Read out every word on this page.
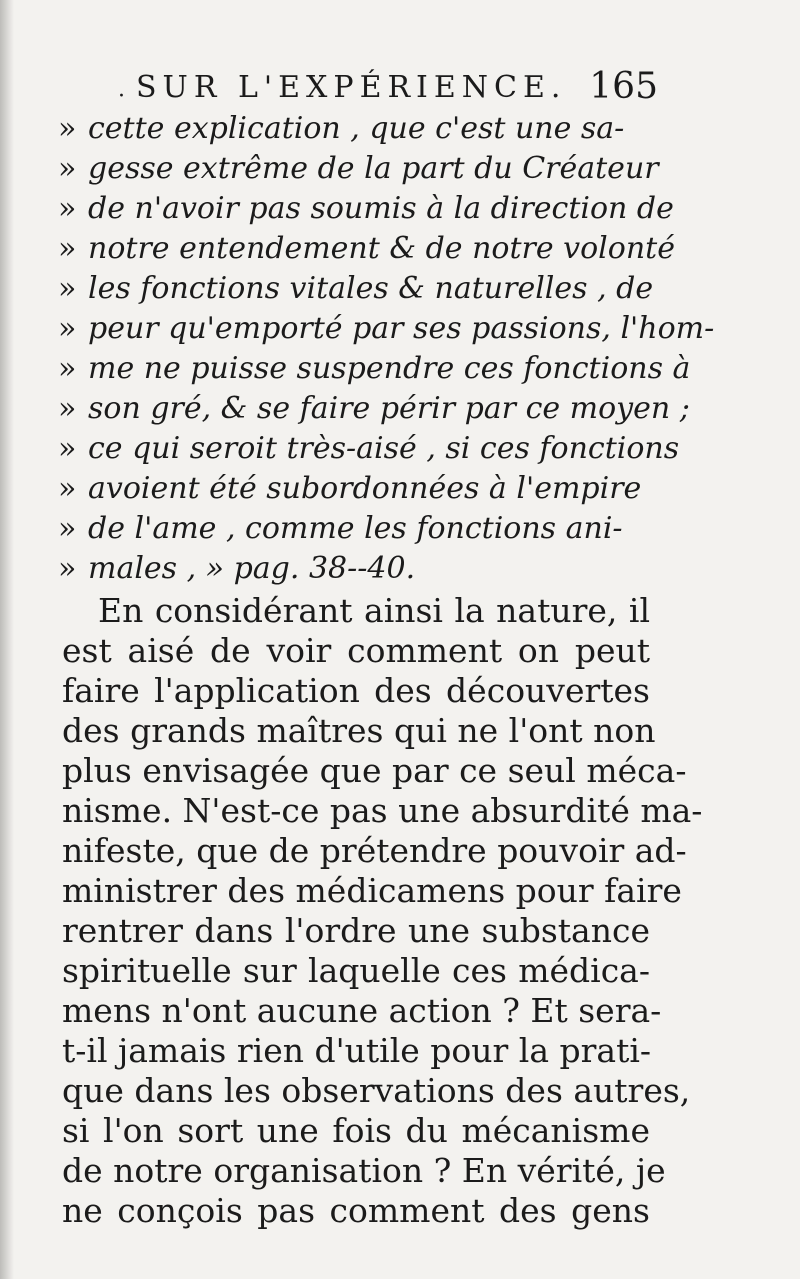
· SUR L'EXPÉRIENCE. 165
» cette explication , que c'est une sa-
» gesse extrême de la part du Créateur
» de n'avoir pas soumis à la direction de
» notre entendement & de notre volonté
» les fonctions vitales & naturelles , de
» peur qu'emporté par ses passions, l'hom-
» me ne puisse suspendre ces fonctions à
» son gré, & se faire périr par ce moyen ;
» ce qui seroit très-aisé , si ces fonctions
» avoient été subordonnées à l'empire
» de l'ame , comme les fonctions ani-
» males , » pag. 38--40.
En considérant ainsi la nature, il
est aisé de voir comment on peut
faire l'application des découvertes
des grands maîtres qui ne l'ont non
plus envisagée que par ce seul méca-
nisme. N'est-ce pas une absurdité ma-
nifeste, que de prétendre pouvoir ad-
ministrer des médicamens pour faire
rentrer dans l'ordre une substance
spirituelle sur laquelle ces médica-
mens n'ont aucune action ? Et sera-
t-il jamais rien d'utile pour la prati-
que dans les observations des autres,
si l'on sort une fois du mécanisme
de notre organisation ? En vérité, je
ne conçois pas comment des gens
